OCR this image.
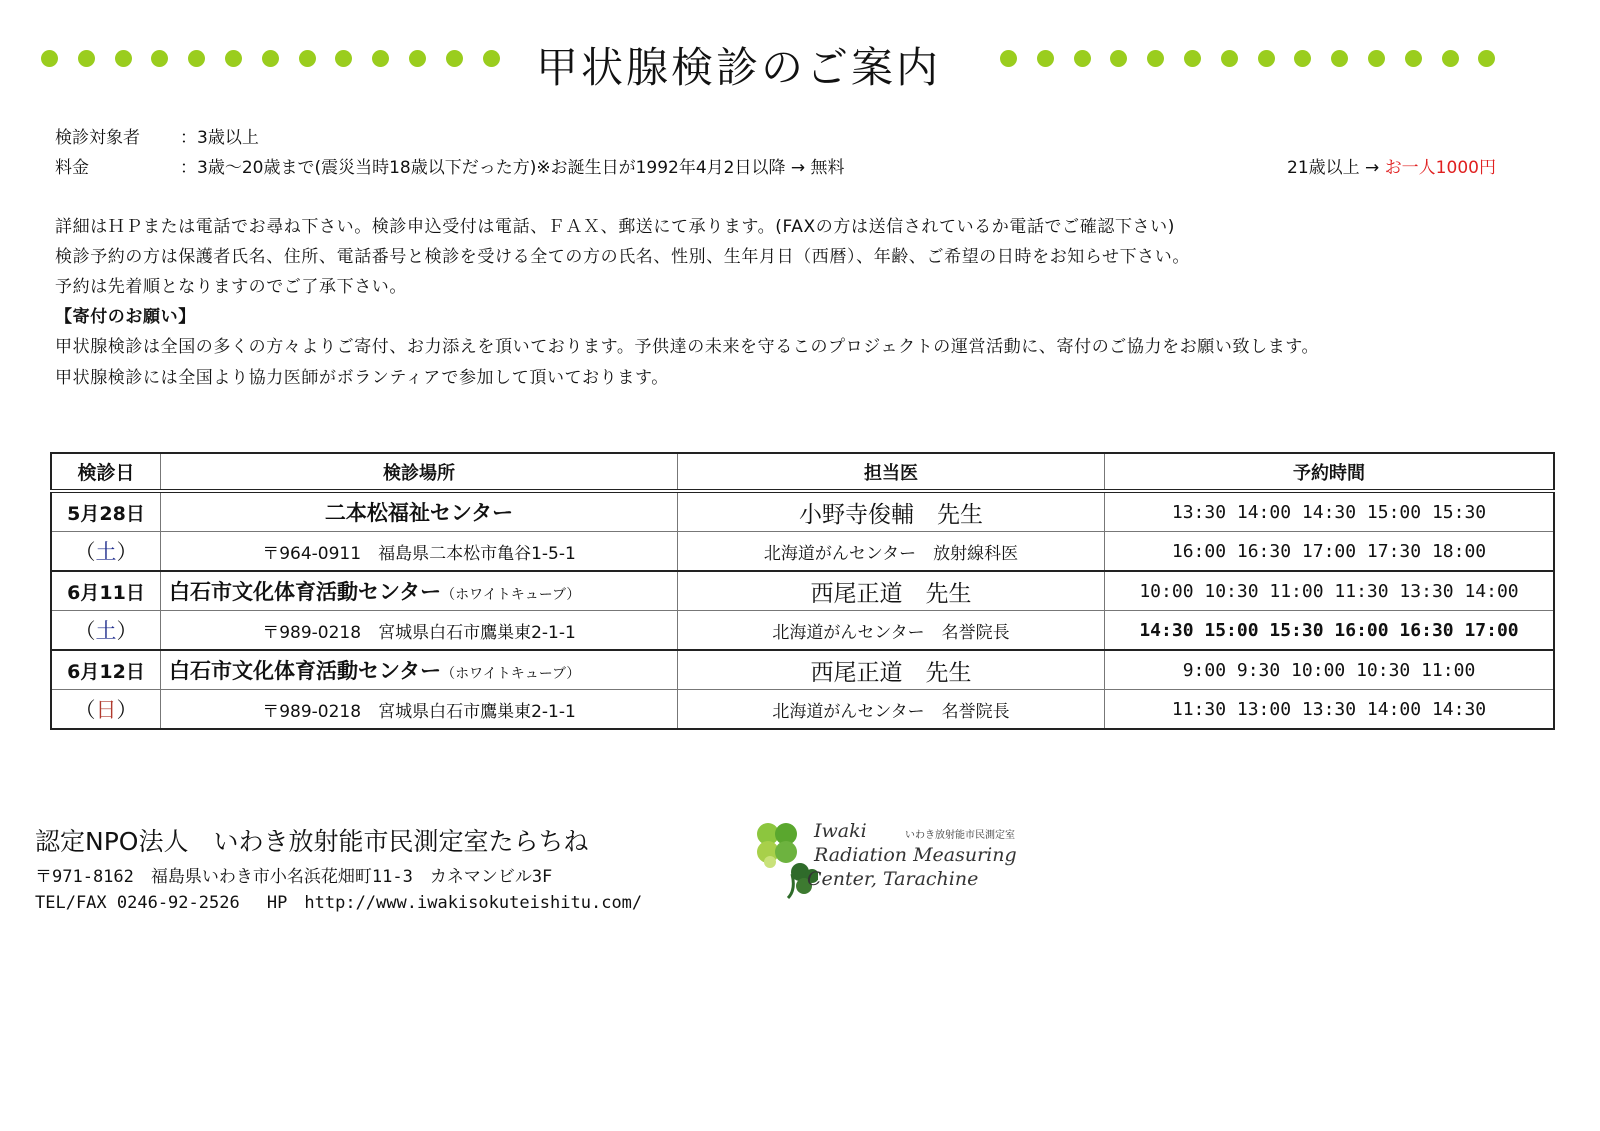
甲状腺検診のご案内
検診対象者 ：3歳以上
料金	：3歳～20歳まで(震災当時18歳以下だった方)※お誕生日が1992年4月2日以降 → 無料	21歳以上 → お一人1000円
詳細はＨＰまたは電話でお尋ね下さい。検診申込受付は電話、ＦＡＸ、郵送にて承ります。(FAXの方は送信されているか電話でご確認下さい)
検診予約の方は保護者氏名、住所、電話番号と検診を受ける全ての方の氏名、性別、生年月日（西暦）、年齢、ご希望の日時をお知らせ下さい。
予約は先着順となりますのでご了承下さい。
【寄付のお願い】
甲状腺検診は全国の多くの方々よりご寄付、お力添えを頂いております。予供達の未来を守るこのプロジェクトの運営活動に、寄付のご協力をお願い致します。
甲状腺検診には全国より協力医師がボランティアで参加して頂いております。
検診日	検診場所	担当医	予約時間
5月28日	二本松福祉センター	小野寺俊輔　先生	13:30 14:00 14:30 15:00 15:30
（土）	〒964-0911　福島県二本松市亀谷1-5-1	北海道がんセンター　放射線科医	16:00 16:30 17:00 17:30 18:00
6月11日	白石市文化体育活動センター（ホワイトキューブ）	西尾正道　先生	10:00 10:30 11:00 11:30 13:30 14:00
（土）	〒989-0218　宮城県白石市鷹巣東2-1-1	北海道がんセンター　名誉院長	14:30 15:00 15:30 16:00 16:30 17:00
6月12日	白石市文化体育活動センター（ホワイトキューブ）	西尾正道　先生	9:00 9:30 10:00 10:30 11:00
（日）	〒989-0218　宮城県白石市鷹巣東2-1-1	北海道がんセンター　名誉院長	11:30 13:00 13:30 14:00 14:30
認定NPO法人　いわき放射能市民測定室たらちね
〒971-8162　福島県いわき市小名浜花畑町11-3　カネマンビル3F
TEL/FAX 0246-92-2526　 HP　http://www.iwakisokuteishitu.com/
Iwaki	いわき放射能市民測定室
Radiation Measuring
Center, Tarachine
